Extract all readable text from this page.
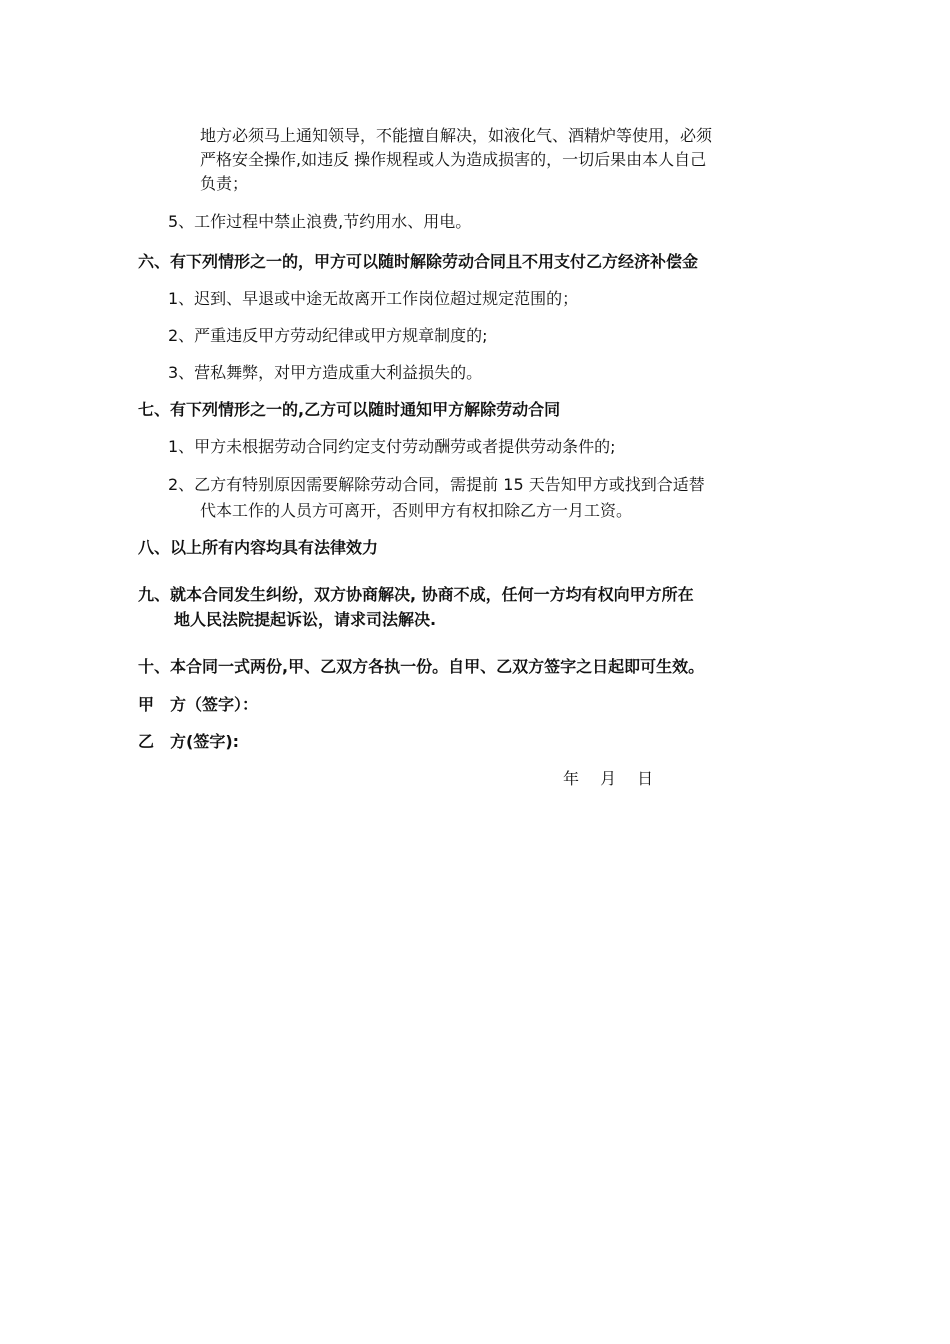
地方必须马上通知领导，不能擅自解决，如液化气、酒精炉等使用，必须
严格安全操作,如违反 操作规程或人为造成损害的，一切后果由本人自己
负责；
5、工作过程中禁止浪费,节约用水、用电。
六、有下列情形之一的，甲方可以随时解除劳动合同且不用支付乙方经济补偿金
1、迟到、早退或中途无故离开工作岗位超过规定范围的；
2、严重违反甲方劳动纪律或甲方规章制度的;
3、营私舞弊，对甲方造成重大利益损失的。
七、有下列情形之一的,乙方可以随时通知甲方解除劳动合同
1、甲方未根据劳动合同约定支付劳动酬劳或者提供劳动条件的;
2、乙方有特别原因需要解除劳动合同，需提前 15 天告知甲方或找到合适替
代本工作的人员方可离开，否则甲方有权扣除乙方一月工资。
八、以上所有内容均具有法律效力
九、就本合同发生纠纷，双方协商解决, 协商不成，任何一方均有权向甲方所在
地人民法院提起诉讼，请求司法解决.
十、本合同一式两份,甲、乙双方各执一份。自甲、乙双方签字之日起即可生效。
甲　方（签字）：
乙　方(签字):
年　 月　 日
